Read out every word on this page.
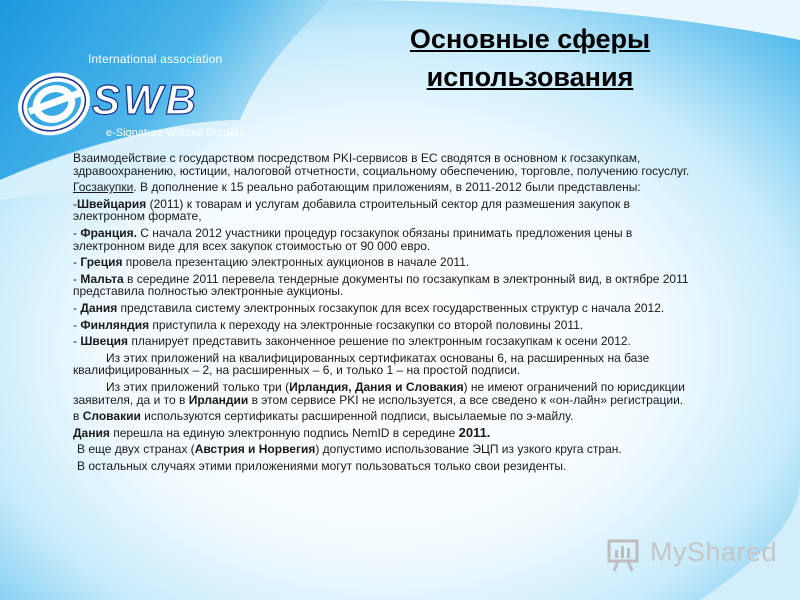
International association
SWB
e-Signature Without Borders
Основные сферы
использования

Взаимодействие с государством посредством PKI-сервисов в ЕС сводятся в основном к госзакупкам, здравоохранению, юстиции, налоговой отчетности, социальному обеспечению, торговле, получению госуслуг.

Госзакупки. В дополнение к 15 реально работающим приложениям, в 2011-2012 были представлены:

-Швейцария (2011) к товарам и услугам добавила строительный сектор для размешения закупок в электронном формате,

- Франция. С начала 2012 участники процедур госзакупок обязаны принимать предложения цены в электронном виде для всех закупок стоимостью от 90 000 евро.

- Греция провела презентацию электронных аукционов в начале 2011.

- Мальта в середине 2011 перевела тендерные документы по госзакупкам в электронный вид, в октябре 2011 представила полностью электронные аукционы.

- Дания представила систему электронных госзакупок для всех государственных структур с начала 2012.

- Финляндия приступила к переходу на электронные госзакупки со второй половины 2011.

- Швеция планирует представить законченное решение по электронным госзакупкам к осени 2012.

Из этих приложений на квалифицированных сертификатах основаны 6, на расширенных на базе квалифицированных – 2, на расширенных – 6, и только 1 – на простой подписи.

Из этих приложений только три (Ирландия, Дания и Словакия) не имеют ограничений по юрисдикции заявителя, да и то в Ирландии в этом сервисе PKI не используется, а все сведено к «он-лайн» регистрации.

в Словакии используются сертификаты расширенной подписи, высылаемые по э-майлу.

Дания перешла на единую электронную подпись NemID в середине 2011.

В еще двух странах (Австрия и Норвегия) допустимо использование ЭЦП из узкого круга стран.

В остальных случаях этими приложениями могут пользоваться только свои резиденты.

MyShared
